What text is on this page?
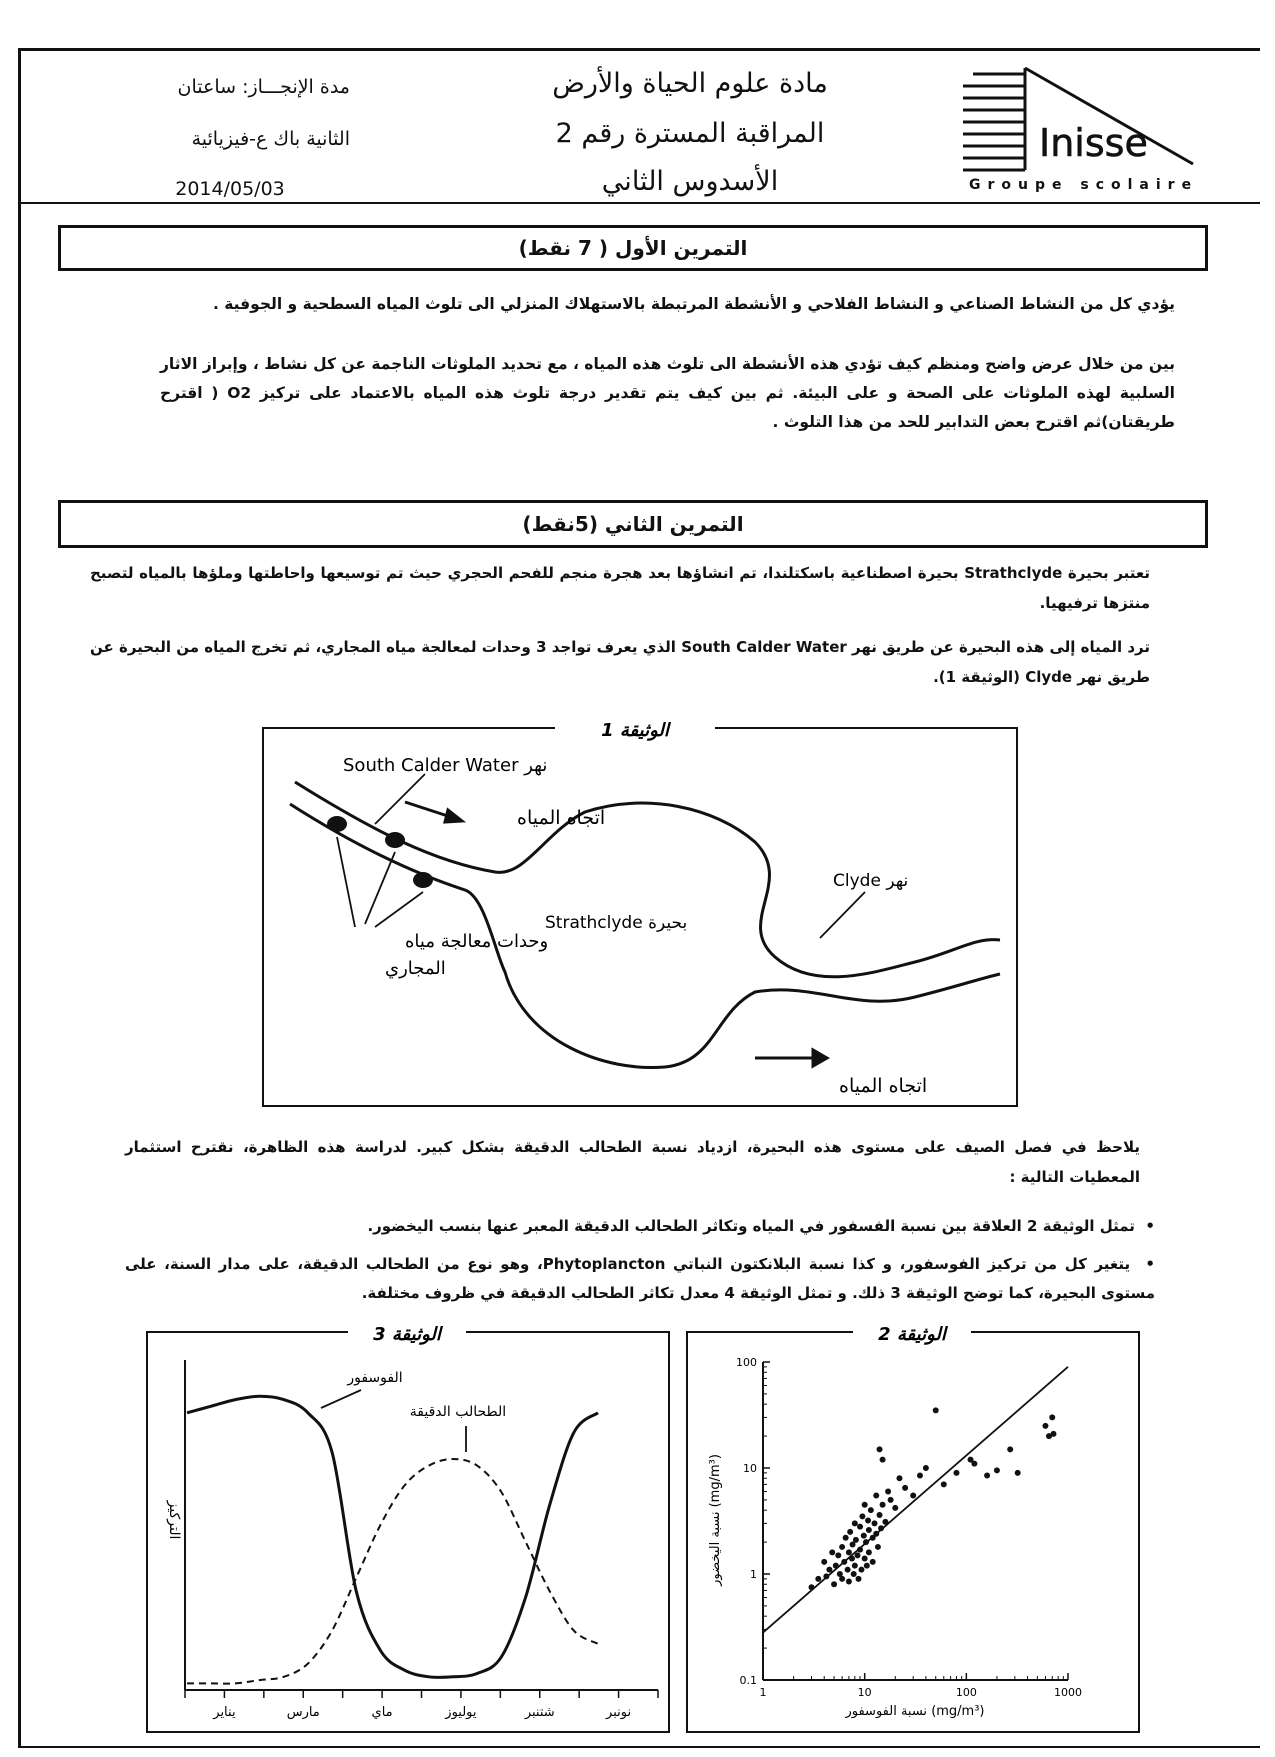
مادة علوم الحياة والأرض
المراقبة المسترة رقم 2
الأسدوس الثاني
مدة الإنجـــاز: ساعتان
الثانية باك ع-فيزيائية
2014/05/03
Inisse
Groupe scolaire
التمرين الأول ( 7 نقط)
يؤدي كل من النشاط الصناعي و النشاط الفلاحي و الأنشطة المرتبطة بالاستهلاك المنزلي الى تلوث المياه السطحية و الجوفية .
بين من خلال عرض واضح ومنظم كيف تؤدي هذه الأنشطة الى تلوث هذه المياه ، مع تحديد الملوثات الناجمة عن كل نشاط ، وإبراز الاثار السلبية لهذه الملوثات على الصحة و على البيئة. ثم بين كيف يتم تقدير درجة تلوث هذه المياه بالاعتماد على تركيز O2 ( اقترح طريقتان)ثم اقترح بعض التدابير للحد من هذا التلوث .
التمرين الثاني (5نقط)
تعتبر بحيرة Strathclyde بحيرة اصطناعية باسكتلندا، تم انشاؤها بعد هجرة منجم للفحم الحجري حيث تم توسيعها واحاطتها وملؤها بالمياه لتصبح منتزها ترفيهيا.
ترد المياه إلى هذه البحيرة عن طريق نهر South Calder Water الذي يعرف تواجد 3 وحدات لمعالجة مياه المجاري، ثم تخرج المياه من البحيرة عن طريق نهر Clyde (الوثيقة 1).
الوثيقة 1
South Calder Water نهر
اتجاه المياه
Strathclyde بحيرة
Clyde نهر
وحدات معالجة مياه
المجاري
اتجاه المياه
يلاحظ في فصل الصيف على مستوى هذه البحيرة، ازدياد نسبة الطحالب الدقيقة بشكل كبير. لدراسة هذه الظاهرة، نقترح استثمار المعطيات التالية :
•  تمثل الوثيقة 2 العلاقة بين نسبة الفسفور في المياه وتكاثر الطحالب الدقيقة المعبر عنها بنسب اليخضور.
•  يتغير كل من تركيز الفوسفور، و كذا نسبة البلانكتون النباتي Phytoplancton، وهو نوع من الطحالب الدقيقة، على مدار السنة، على مستوى البحيرة، كما توضح الوثيقة 3 ذلك. و تمثل الوثيقة 4 معدل تكاثر الطحالب الدقيقة في ظروف مختلفة.
الوثيقة 3
التركيز
يناير	مارس	ماي	يوليوز	شتنبر	نونبر
الفوسفور
الطحالب الدقيقة
الوثيقة 2
1	10	100	1000
0.1
1
10
100
نسبة اليخضور (mg/m³)
نسبة الفوسفور (mg/m³)
